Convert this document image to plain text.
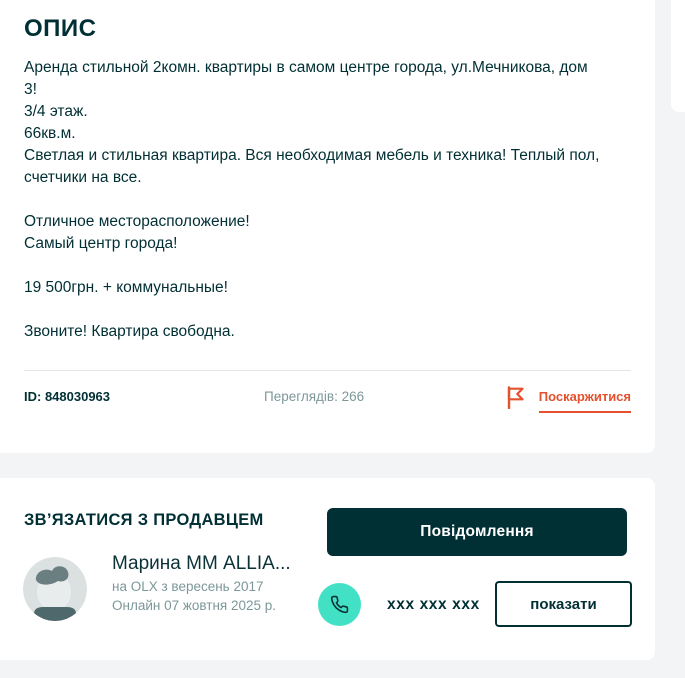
ОПИС
Аренда стильной 2комн. квартиры в самом центре города, ул.Мечникова, дом
3!
3/4 этаж.
66кв.м.
Светлая и стильная квартира. Вся необходимая мебель и техника! Теплый пол,
счетчики на все.
Отличное месторасположение!
Самый центр города!
19 500грн. + коммунальные!
Звоните! Квартира свободна.
ID: 848030963	Переглядів: 266	Поскаржитися
ЗВ’ЯЗАТИСЯ З ПРОДАВЦЕМ
Марина ММ ALLIA...
на OLX з вересень 2017
Онлайн 07 жовтня 2025 р.
Повідомлення
xxx xxx xxx	показати
